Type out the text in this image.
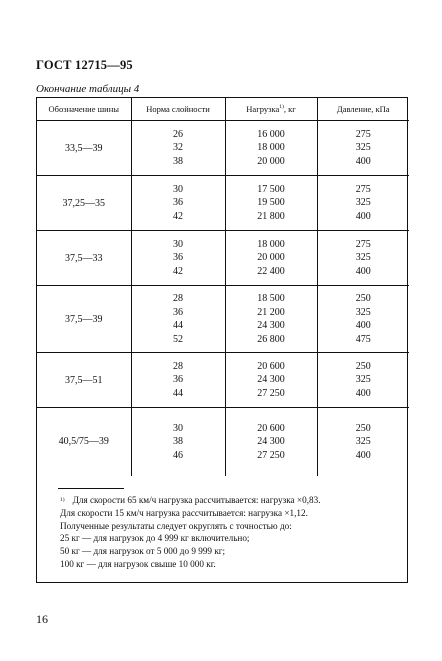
ГОСТ 12715—95
Окончание таблицы 4
Обозначение шины	Норма слойности	Нагрузка$^{1)}$, кг	Давление, кПа

33,5—39	26
32
38	16 000
18 000
20 000	275
325
400

37,25—35	30
36
42	17 500
19 500
21 800	275
325
400

37,5—33	30
36
42	18 000
20 000
22 400	275
325
400

37,5—39	28
36
44
52	18 500
21 200
24 300
26 800	250
325
400
475

37,5—51	28
36
44	20 600
24 300
27 250	250
325
400

40,5/75—39	30
38
46	20 600
24 300
27 250	250
325
400

$^{1)}$ Для скорости 65 км/ч нагрузка рассчитывается: нагрузка ×0,83.

Для скорости 15 км/ч нагрузка рассчитывается: нагрузка ×1,12.

Полученные результаты следует округлять с точностью до:

25 кг — для нагрузок до 4 999 кг включительно;

50 кг — для нагрузок от 5 000 до 9 999 кг;

100 кг — для нагрузок свыше 10 000 кг.

16
